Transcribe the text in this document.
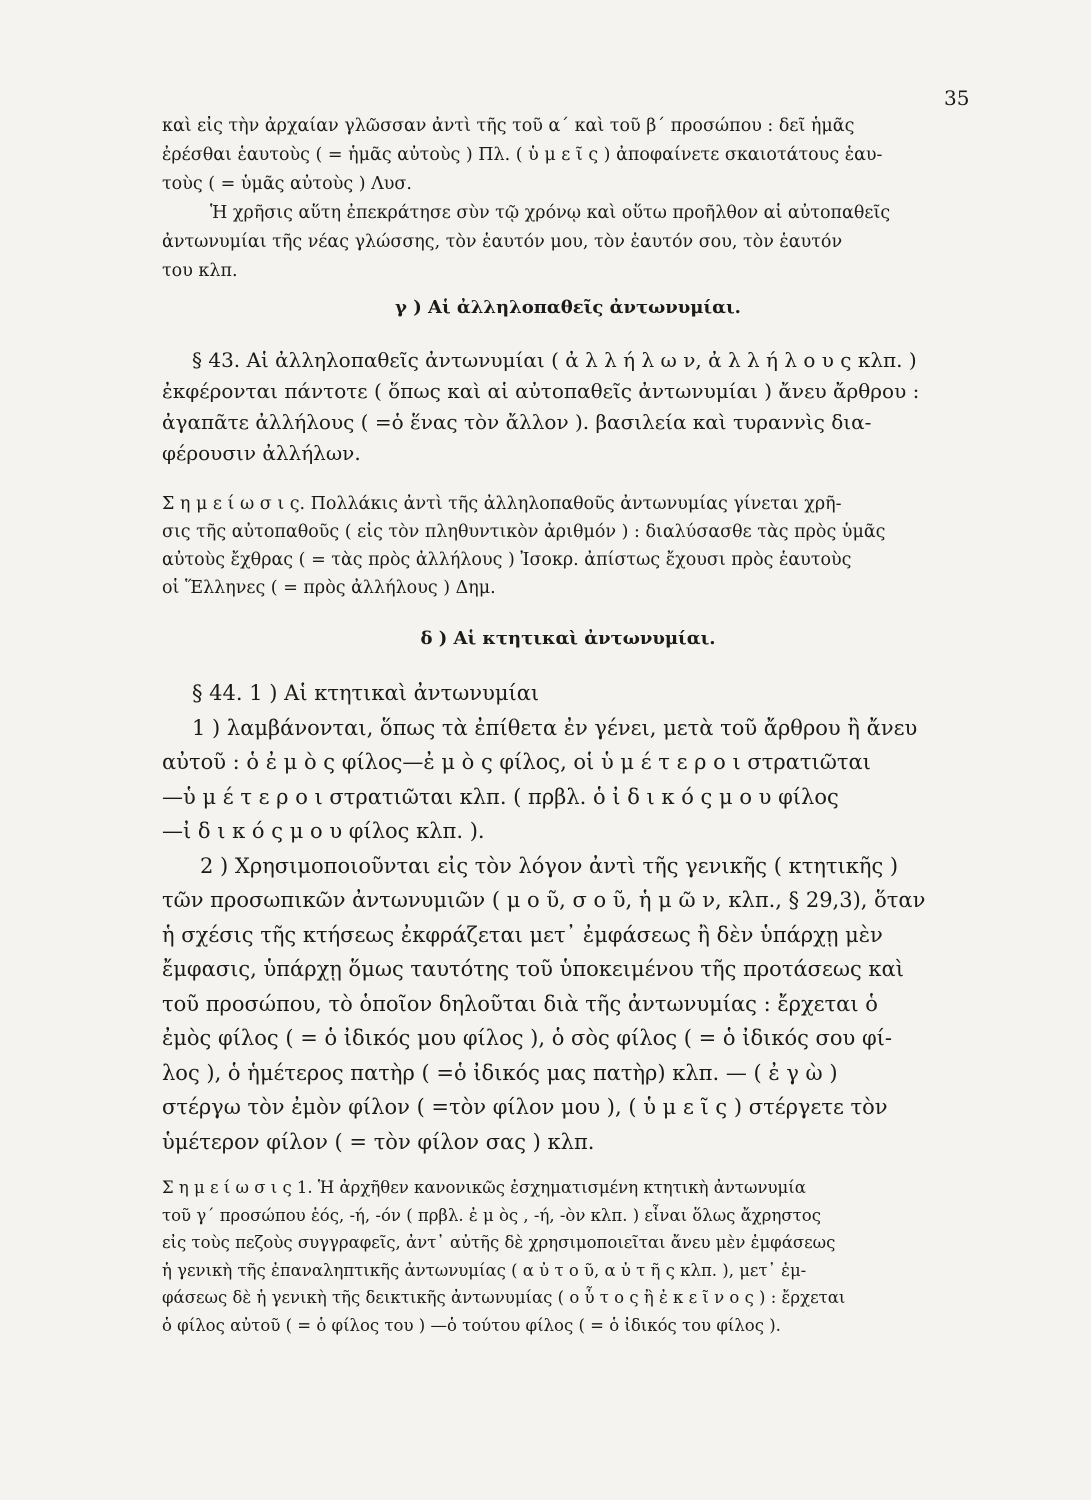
35
καὶ εἰς τὴν ἀρχαίαν γλῶσσαν ἀντὶ τῆς τοῦ α΄ καὶ τοῦ β΄ προσώπου : δεῖ ἡμᾶς
ἐρέσθαι ἑαυτοὺς ( = ἡμᾶς αὐτοὺς ) Πλ. ( ὑ μ ε ῖ ς ) ἀποφαίνετε σκαιοτάτους ἑαυ-
τοὺς ( = ὑμᾶς αὐτοὺς ) Λυσ.
Ἡ χρῆσις αὕτη ἐπεκράτησε σὺν τῷ χρόνῳ καὶ οὕτω προῆλθον αἱ αὐτοπαθεῖς
ἀντωνυμίαι τῆς νέας γλώσσης, τὸν ἑαυτόν μου, τὸν ἑαυτόν σου, τὸν ἑαυτόν
του κλπ.
γ ) Αἱ ἀλληλοπαθεῖς ἀντωνυμίαι.
§ 43. Αἱ ἀλληλοπαθεῖς ἀντωνυμίαι ( ἀ λ λ ή λ ω ν, ἀ λ λ ή λ ο υ ς κλπ. )
ἐκφέρονται πάντοτε ( ὅπως καὶ αἱ αὐτοπαθεῖς ἀντωνυμίαι ) ἄνευ ἄρθρου :
ἀγαπᾶτε ἀλλήλους ( =ὁ ἕνας τὸν ἄλλον ). βασιλεία καὶ τυραννὶς δια-
φέρουσιν ἀλλήλων.
Σ η μ ε ί ω σ ι ς. Πολλάκις ἀντὶ τῆς ἀλληλοπαθοῦς ἀντωνυμίας γίνεται χρῆ-
σις τῆς αὐτοπαθοῦς ( εἰς τὸν πληθυντικὸν ἀριθμόν ) : διαλύσασθε τὰς πρὸς ὑμᾶς
αὐτοὺς ἔχθρας ( = τὰς πρὸς ἀλλήλους ) Ἰσοκρ. ἀπίστως ἔχουσι πρὸς ἑαυτοὺς
οἱ Ἕλληνες ( = πρὸς ἀλλήλους ) Δημ.
δ ) Αἱ κτητικαὶ ἀντωνυμίαι.
§ 44. 1 ) Αἱ κτητικαὶ ἀντωνυμίαι
1 ) λαμβάνονται, ὅπως τὰ ἐπίθετα ἐν γένει, μετὰ τοῦ ἄρθρου ἢ ἄνευ
αὐτοῦ : ὁ ἐ μ ὸ ς φίλος—ἐ μ ὸ ς φίλος, οἱ ὑ μ έ τ ε ρ ο ι στρατιῶται
—ὑ μ έ τ ε ρ ο ι στρατιῶται κλπ. ( πρβλ. ὁ ἰ δ ι κ ό ς μ ο υ φίλος
—ἰ δ ι κ ό ς μ ο υ φίλος κλπ. ).
2 ) Χρησιμοποιοῦνται εἰς τὸν λόγον ἀντὶ τῆς γενικῆς ( κτητικῆς )
τῶν προσωπικῶν ἀντωνυμιῶν ( μ ο ῦ, σ ο ῦ, ἡ μ ῶ ν, κλπ., § 29,3), ὅταν
ἡ σχέσις τῆς κτήσεως ἐκφράζεται μετ᾽ ἐμφάσεως ἢ δὲν ὑπάρχῃ μὲν
ἔμφασις, ὑπάρχῃ ὅμως ταυτότης τοῦ ὑποκειμένου τῆς προτάσεως καὶ
τοῦ προσώπου, τὸ ὁποῖον δηλοῦται διὰ τῆς ἀντωνυμίας : ἔρχεται ὁ
ἐμὸς φίλος ( = ὁ ἰδικός μου φίλος ), ὁ σὸς φίλος ( = ὁ ἰδικός σου φί-
λος ), ὁ ἡμέτερος πατὴρ ( =ὁ ἰδικός μας πατὴρ) κλπ. — ( ἐ γ ὼ )
στέργω τὸν ἐμὸν φίλον ( =τὸν φίλον μου ), ( ὑ μ ε ῖ ς ) στέργετε τὸν
ὑμέτερον φίλον ( = τὸν φίλον σας ) κλπ.
Σ η μ ε ί ω σ ι ς 1. Ἡ ἀρχῆθεν κανονικῶς ἐσχηματισμένη κτητικὴ ἀντωνυμία
τοῦ γ΄ προσώπου ἑός, -ή, -όν ( πρβλ. ἐ μ ὸς , -ή, -ὸν κλπ. ) εἶναι ὅλως ἄχρηστος
εἰς τοὺς πεζοὺς συγγραφεῖς, ἀντ᾽ αὐτῆς δὲ χρησιμοποιεῖται ἄνευ μὲν ἐμφάσεως
ἡ γενικὴ τῆς ἐπαναληπτικῆς ἀντωνυμίας ( α ὐ τ ο ῦ, α ὐ τ ῆ ς κλπ. ), μετ᾽ ἐμ-
φάσεως δὲ ἡ γενικὴ τῆς δεικτικῆς ἀντωνυμίας ( ο ὗ τ ο ς ἢ ἐ κ ε ῖ ν ο ς ) : ἔρχεται
ὁ φίλος αὐτοῦ ( = ὁ φίλος του ) —ὁ τούτου φίλος ( = ὁ ἰδικός του φίλος ).
